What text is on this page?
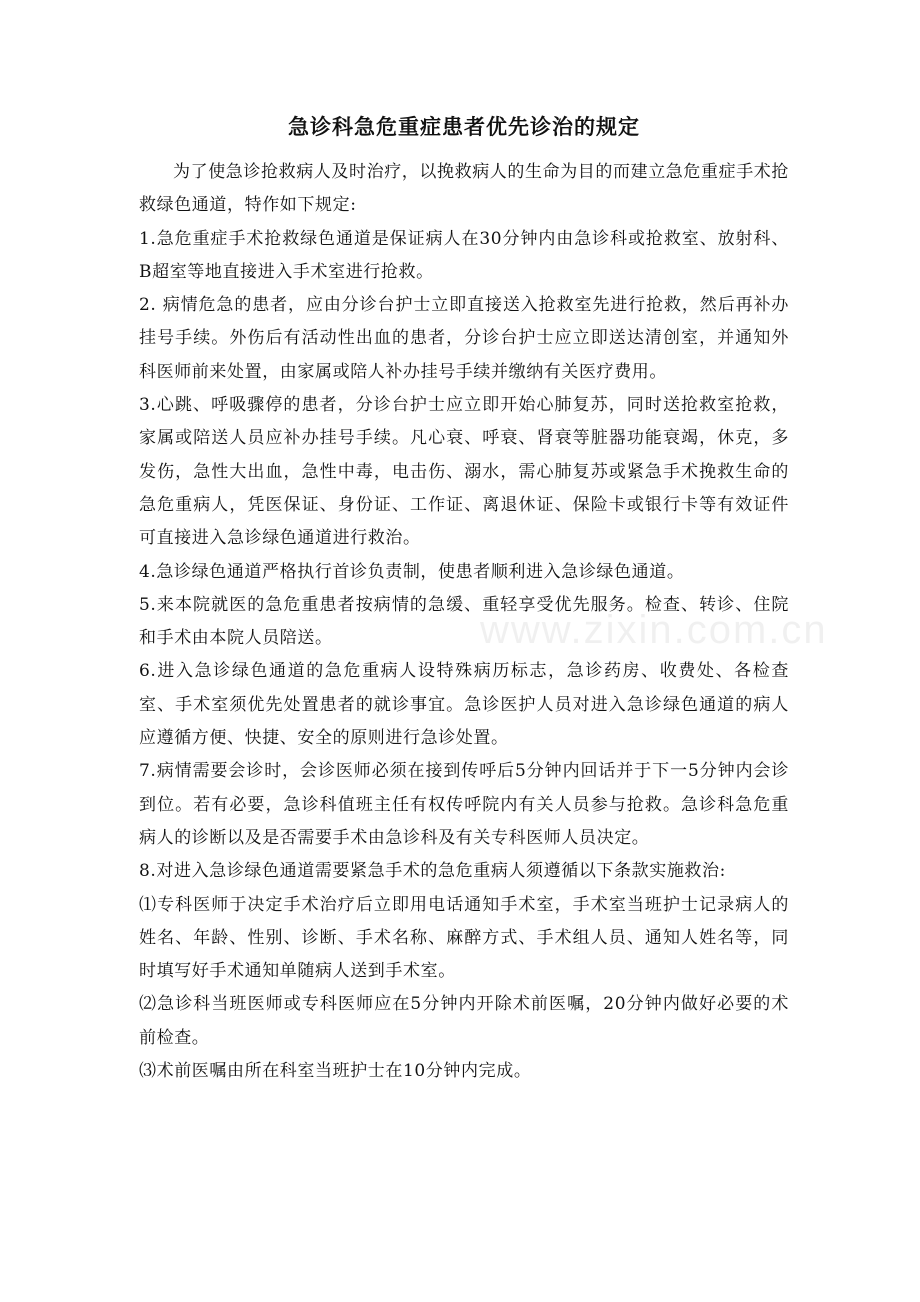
急诊科急危重症患者优先诊治的规定

为了使急诊抢救病人及时治疗，以挽救病人的生命为目的而建立急危重症手术抢救绿色通道，特作如下规定:

1.急危重症手术抢救绿色通道是保证病人在30分钟内由急诊科或抢救室、放射科、B超室等地直接进入手术室进行抢救。

2. 病情危急的患者，应由分诊台护士立即直接送入抢救室先进行抢救，然后再补办挂号手续。外伤后有活动性出血的患者，分诊台护士应立即送达清创室，并通知外科医师前来处置，由家属或陪人补办挂号手续并缴纳有关医疗费用。

3.心跳、呼吸骤停的患者，分诊台护士应立即开始心肺复苏，同时送抢救室抢救，家属或陪送人员应补办挂号手续。凡心衰、呼衰、肾衰等脏器功能衰竭，休克，多发伤，急性大出血，急性中毒，电击伤、溺水，需心肺复苏或紧急手术挽救生命的急危重病人，凭医保证、身份证、工作证、离退休证、保险卡或银行卡等有效证件可直接进入急诊绿色通道进行救治。

4.急诊绿色通道严格执行首诊负责制，使患者顺利进入急诊绿色通道。

5.来本院就医的急危重患者按病情的急缓、重轻享受优先服务。检查、转诊、住院和手术由本院人员陪送。

6.进入急诊绿色通道的急危重病人设特殊病历标志，急诊药房、收费处、各检查室、手术室须优先处置患者的就诊事宜。急诊医护人员对进入急诊绿色通道的病人应遵循方便、快捷、安全的原则进行急诊处置。

7.病情需要会诊时，会诊医师必须在接到传呼后5分钟内回话并于下一5分钟内会诊到位。若有必要，急诊科值班主任有权传呼院内有关人员参与抢救。急诊科急危重病人的诊断以及是否需要手术由急诊科及有关专科医师人员决定。

8.对进入急诊绿色通道需要紧急手术的急危重病人须遵循以下条款实施救治:

⑴专科医师于决定手术治疗后立即用电话通知手术室，手术室当班护士记录病人的姓名、年龄、性别、诊断、手术名称、麻醉方式、手术组人员、通知人姓名等，同时填写好手术通知单随病人送到手术室。

⑵急诊科当班医师或专科医师应在5分钟内开除术前医嘱，20分钟内做好必要的术前检查。

⑶术前医嘱由所在科室当班护士在10分钟内完成。

www.zixin.com.cn
